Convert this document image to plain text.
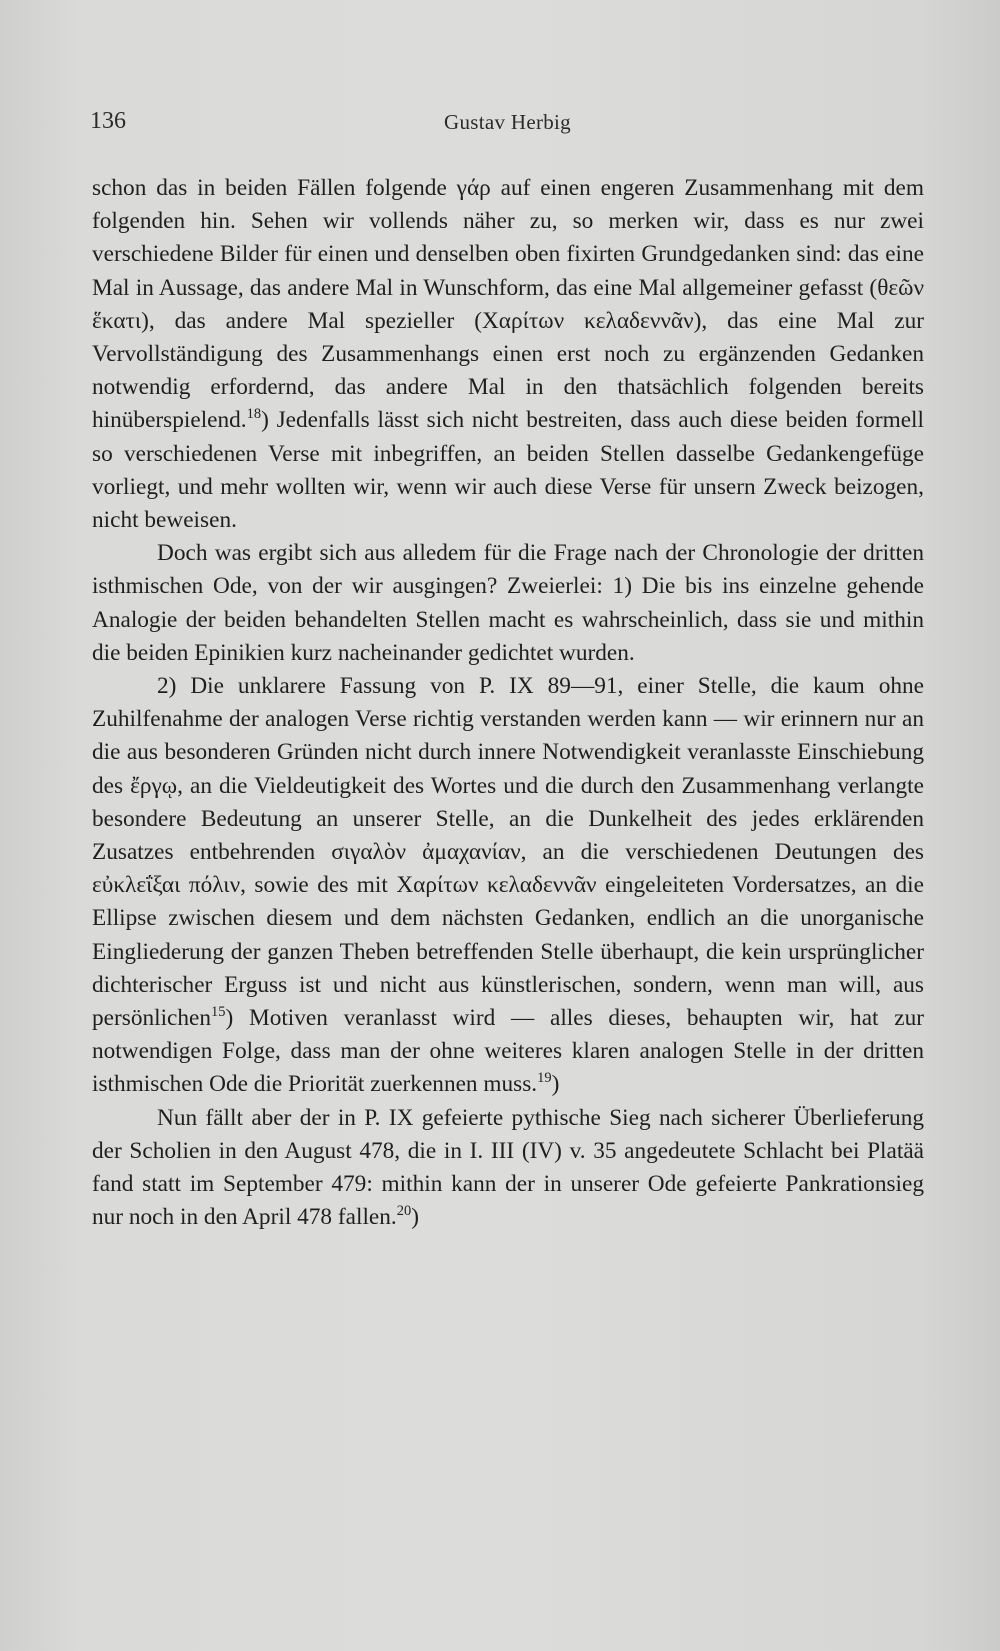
136	Gustav Herbig

schon das in beiden Fällen folgende γάρ auf einen engeren Zusammenhang mit dem folgenden hin. Sehen wir vollends näher zu, so merken wir, dass es nur zwei verschiedene Bilder für einen und denselben oben fixirten Grundgedanken sind: das eine Mal in Aussage, das andere Mal in Wunschform, das eine Mal allgemeiner gefasst (θεῶν ἕκατι), das andere Mal spezieller (Χαρίτων κελαδεννᾶν), das eine Mal zur Vervollständigung des Zusammenhangs einen erst noch zu ergänzenden Gedanken notwendig erfordernd, das andere Mal in den thatsächlich folgenden bereits hinüberspielend.$^{18}$) Jedenfalls lässt sich nicht bestreiten, dass auch diese beiden formell so verschiedenen Verse mit inbegriffen, an beiden Stellen dasselbe Gedankengefüge vorliegt, und mehr wollten wir, wenn wir auch diese Verse für unsern Zweck beizogen, nicht beweisen.

Doch was ergibt sich aus alledem für die Frage nach der Chronologie der dritten isthmischen Ode, von der wir ausgingen? Zweierlei: 1) Die bis ins einzelne gehende Analogie der beiden behandelten Stellen macht es wahrscheinlich, dass sie und mithin die beiden Epinikien kurz nacheinander gedichtet wurden.

2) Die unklarere Fassung von P. IX 89—91, einer Stelle, die kaum ohne Zuhilfenahme der analogen Verse richtig verstanden werden kann — wir erinnern nur an die aus besonderen Gründen nicht durch innere Notwendigkeit veranlasste Einschiebung des ἔργῳ, an die Vieldeutigkeit des Wortes und die durch den Zusammenhang verlangte besondere Bedeutung an unserer Stelle, an die Dunkelheit des jedes erklärenden Zusatzes entbehrenden σιγαλὸν ἀμαχανίαν, an die verschiedenen Deutungen des εὐκλεΐξαι πόλιν, sowie des mit Χαρίτων κελαδεννᾶν eingeleiteten Vordersatzes, an die Ellipse zwischen diesem und dem nächsten Gedanken, endlich an die unorganische Eingliederung der ganzen Theben betreffenden Stelle überhaupt, die kein ursprünglicher dichterischer Erguss ist und nicht aus künstlerischen, sondern, wenn man will, aus persönlichen$^{15}$) Motiven veranlasst wird — alles dieses, behaupten wir, hat zur notwendigen Folge, dass man der ohne weiteres klaren analogen Stelle in der dritten isthmischen Ode die Priorität zuerkennen muss.$^{19}$)

Nun fällt aber der in P. IX gefeierte pythische Sieg nach sicherer Überlieferung der Scholien in den August 478, die in I. III (IV) v. 35 angedeutete Schlacht bei Platää fand statt im September 479: mithin kann der in unserer Ode gefeierte Pankrationsieg nur noch in den April 478 fallen.$^{20}$)
